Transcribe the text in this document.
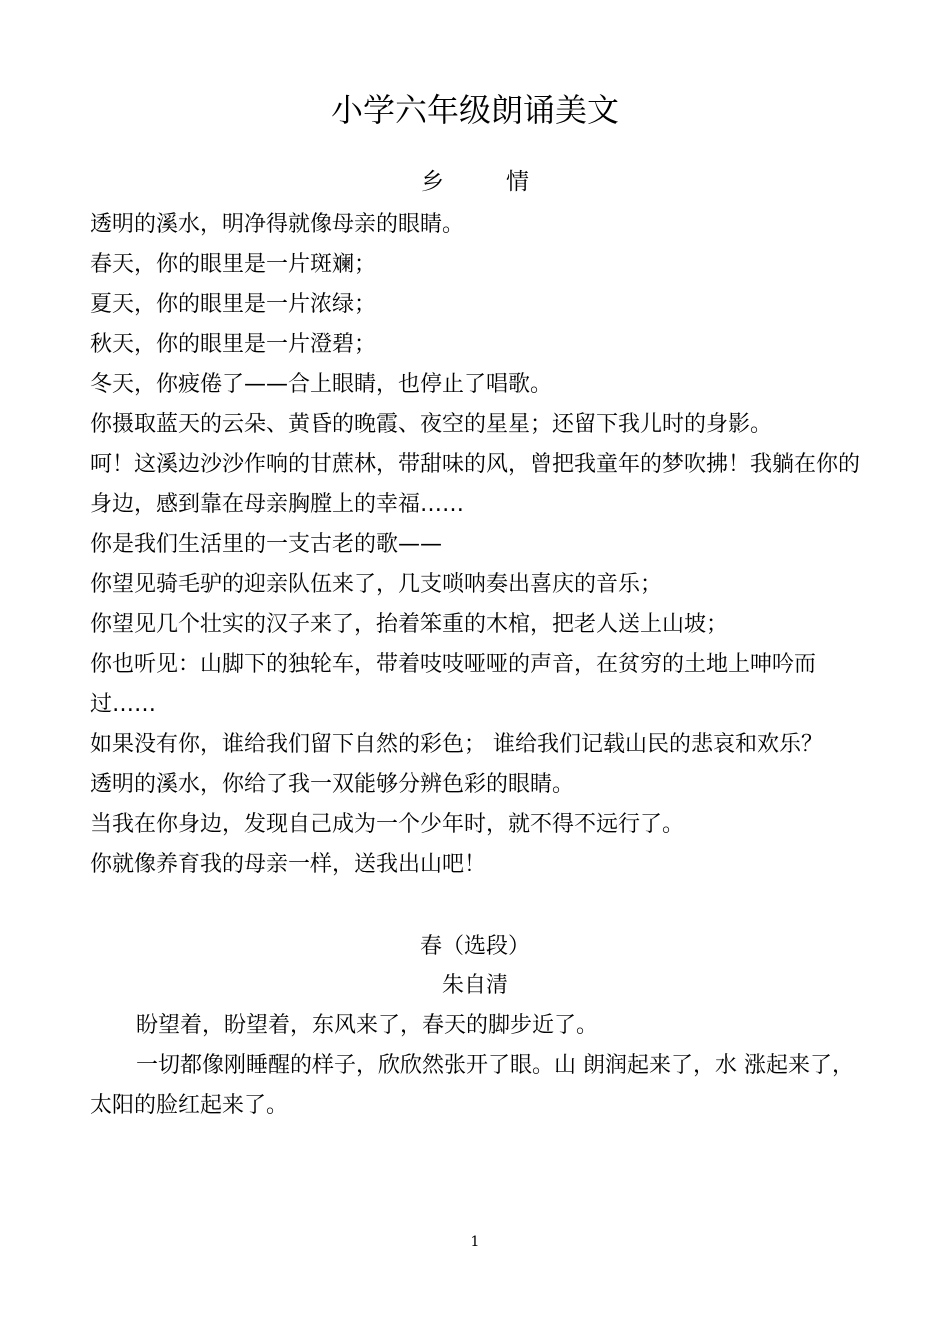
小学六年级朗诵美文
乡	情

透明的溪水，明净得就像母亲的眼睛。

春天，你的眼里是一片斑斓；

夏天，你的眼里是一片浓绿；

秋天，你的眼里是一片澄碧；

冬天，你疲倦了——合上眼睛，也停止了唱歌。

你摄取蓝天的云朵、黄昏的晚霞、夜空的星星；还留下我儿时的身影。

呵！这溪边沙沙作响的甘蔗林，带甜味的风，曾把我童年的梦吹拂！我躺在你的身边，感到靠在母亲胸膛上的幸福……

你是我们生活里的一支古老的歌——

你望见骑毛驴的迎亲队伍来了，几支唢呐奏出喜庆的音乐；

你望见几个壮实的汉子来了，抬着笨重的木棺，把老人送上山坡；

你也听见：山脚下的独轮车，带着吱吱哑哑的声音，在贫穷的土地上呻吟而过……

如果没有你，谁给我们留下自然的彩色； 谁给我们记载山民的悲哀和欢乐？

透明的溪水，你给了我一双能够分辨色彩的眼睛。

当我在你身边，发现自己成为一个少年时，就不得不远行了。

你就像养育我的母亲一样，送我出山吧！

春（选段）
朱自清

盼望着，盼望着，东风来了，春天的脚步近了。

一切都像刚睡醒的样子，欣欣然张开了眼。山 朗润起来了，水 涨起来了，太阳的脸红起来了。

1
